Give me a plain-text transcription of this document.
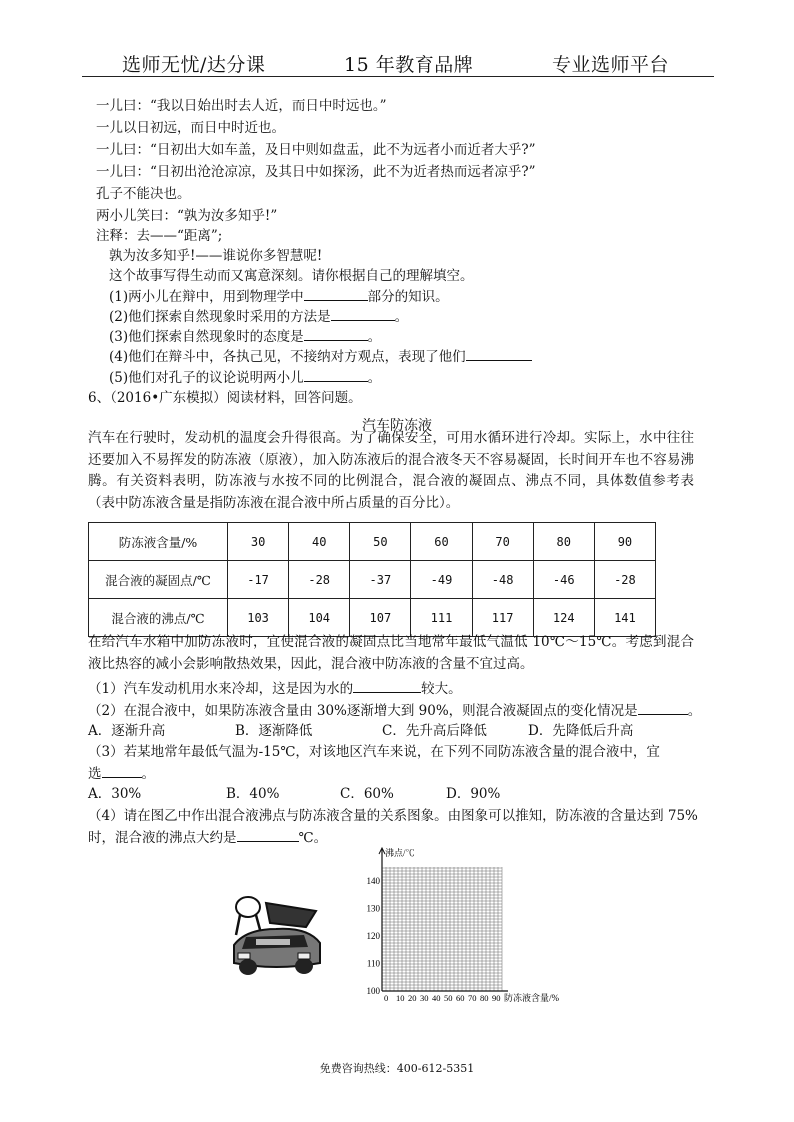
选师无忧/达分课	15 年教育品牌	专业选师平台
一儿曰：“我以日始出时去人近，而日中时远也。”
一儿以日初远，而日中时近也。
一儿曰：“日初出大如车盖，及日中则如盘盂，此不为远者小而近者大乎?”
一儿曰：“日初出沧沧凉凉，及其日中如探汤，此不为近者热而远者凉乎?”
孔子不能决也。
两小儿笑曰：“孰为汝多知乎!”
注释：去——“距离”;
孰为汝多知乎!——谁说你多智慧呢!
这个故事写得生动而又寓意深刻。请你根据自己的理解填空。
(1)两小儿在辩中，用到物理学中	部分的知识。
(2)他们探索自然现象时采用的方法是	。
(3)他们探索自然现象时的态度是	。
(4)他们在辩斗中，各执己见，不接纳对方观点，表现了他们
(5)他们对孔子的议论说明两小儿	。
6、（2016•广东模拟）阅读材料，回答问题。
汽车防冻液
汽车在行驶时，发动机的温度会升得很高。为了确保安全，可用水循环进行冷却。实际上，水中往往还要加入不易挥发的防冻液（原液），加入防冻液后的混合液冬天不容易凝固，长时间开车也不容易沸腾。有关资料表明，防冻液与水按不同的比例混合，混合液的凝固点、沸点不同，具体数值参考表（表中防冻液含量是指防冻液在混合液中所占质量的百分比）。
防冻液含量/%	30	40	50	60	70	80	90
混合液的凝固点/℃	-17	-28	-37	-49	-48	-46	-28
混合液的沸点/℃	103	104	107	111	117	124	141
在给汽车水箱中加防冻液时，宜使混合液的凝固点比当地常年最低气温低 10℃～15℃。考虑到混合液比热容的减小会影响散热效果，因此，混合液中防冻液的含量不宜过高。
（1）汽车发动机用水来冷却，这是因为水的	较大。
（2）在混合液中，如果防冻液含量由 30%逐渐增大到 90%，则混合液凝固点的变化情况是	。
A．逐渐升高	B．逐渐降低	C．先升高后降低	D．先降低后升高
（3）若某地常年最低气温为-15℃，对该地区汽车来说，在下列不同防冻液含量的混合液中，宜
选	。
A．30%	B．40%	C．60%	D．90%
（4）请在图乙中作出混合液沸点与防冻液含量的关系图象。由图象可以推知，防冻液的含量达到 75%
时，混合液的沸点大约是	℃。
100
110
120
130
140
0 10 20 30 40 50 60 70 80 90
沸点/℃
防冻液含量/%
免费咨询热线：400-612-5351
